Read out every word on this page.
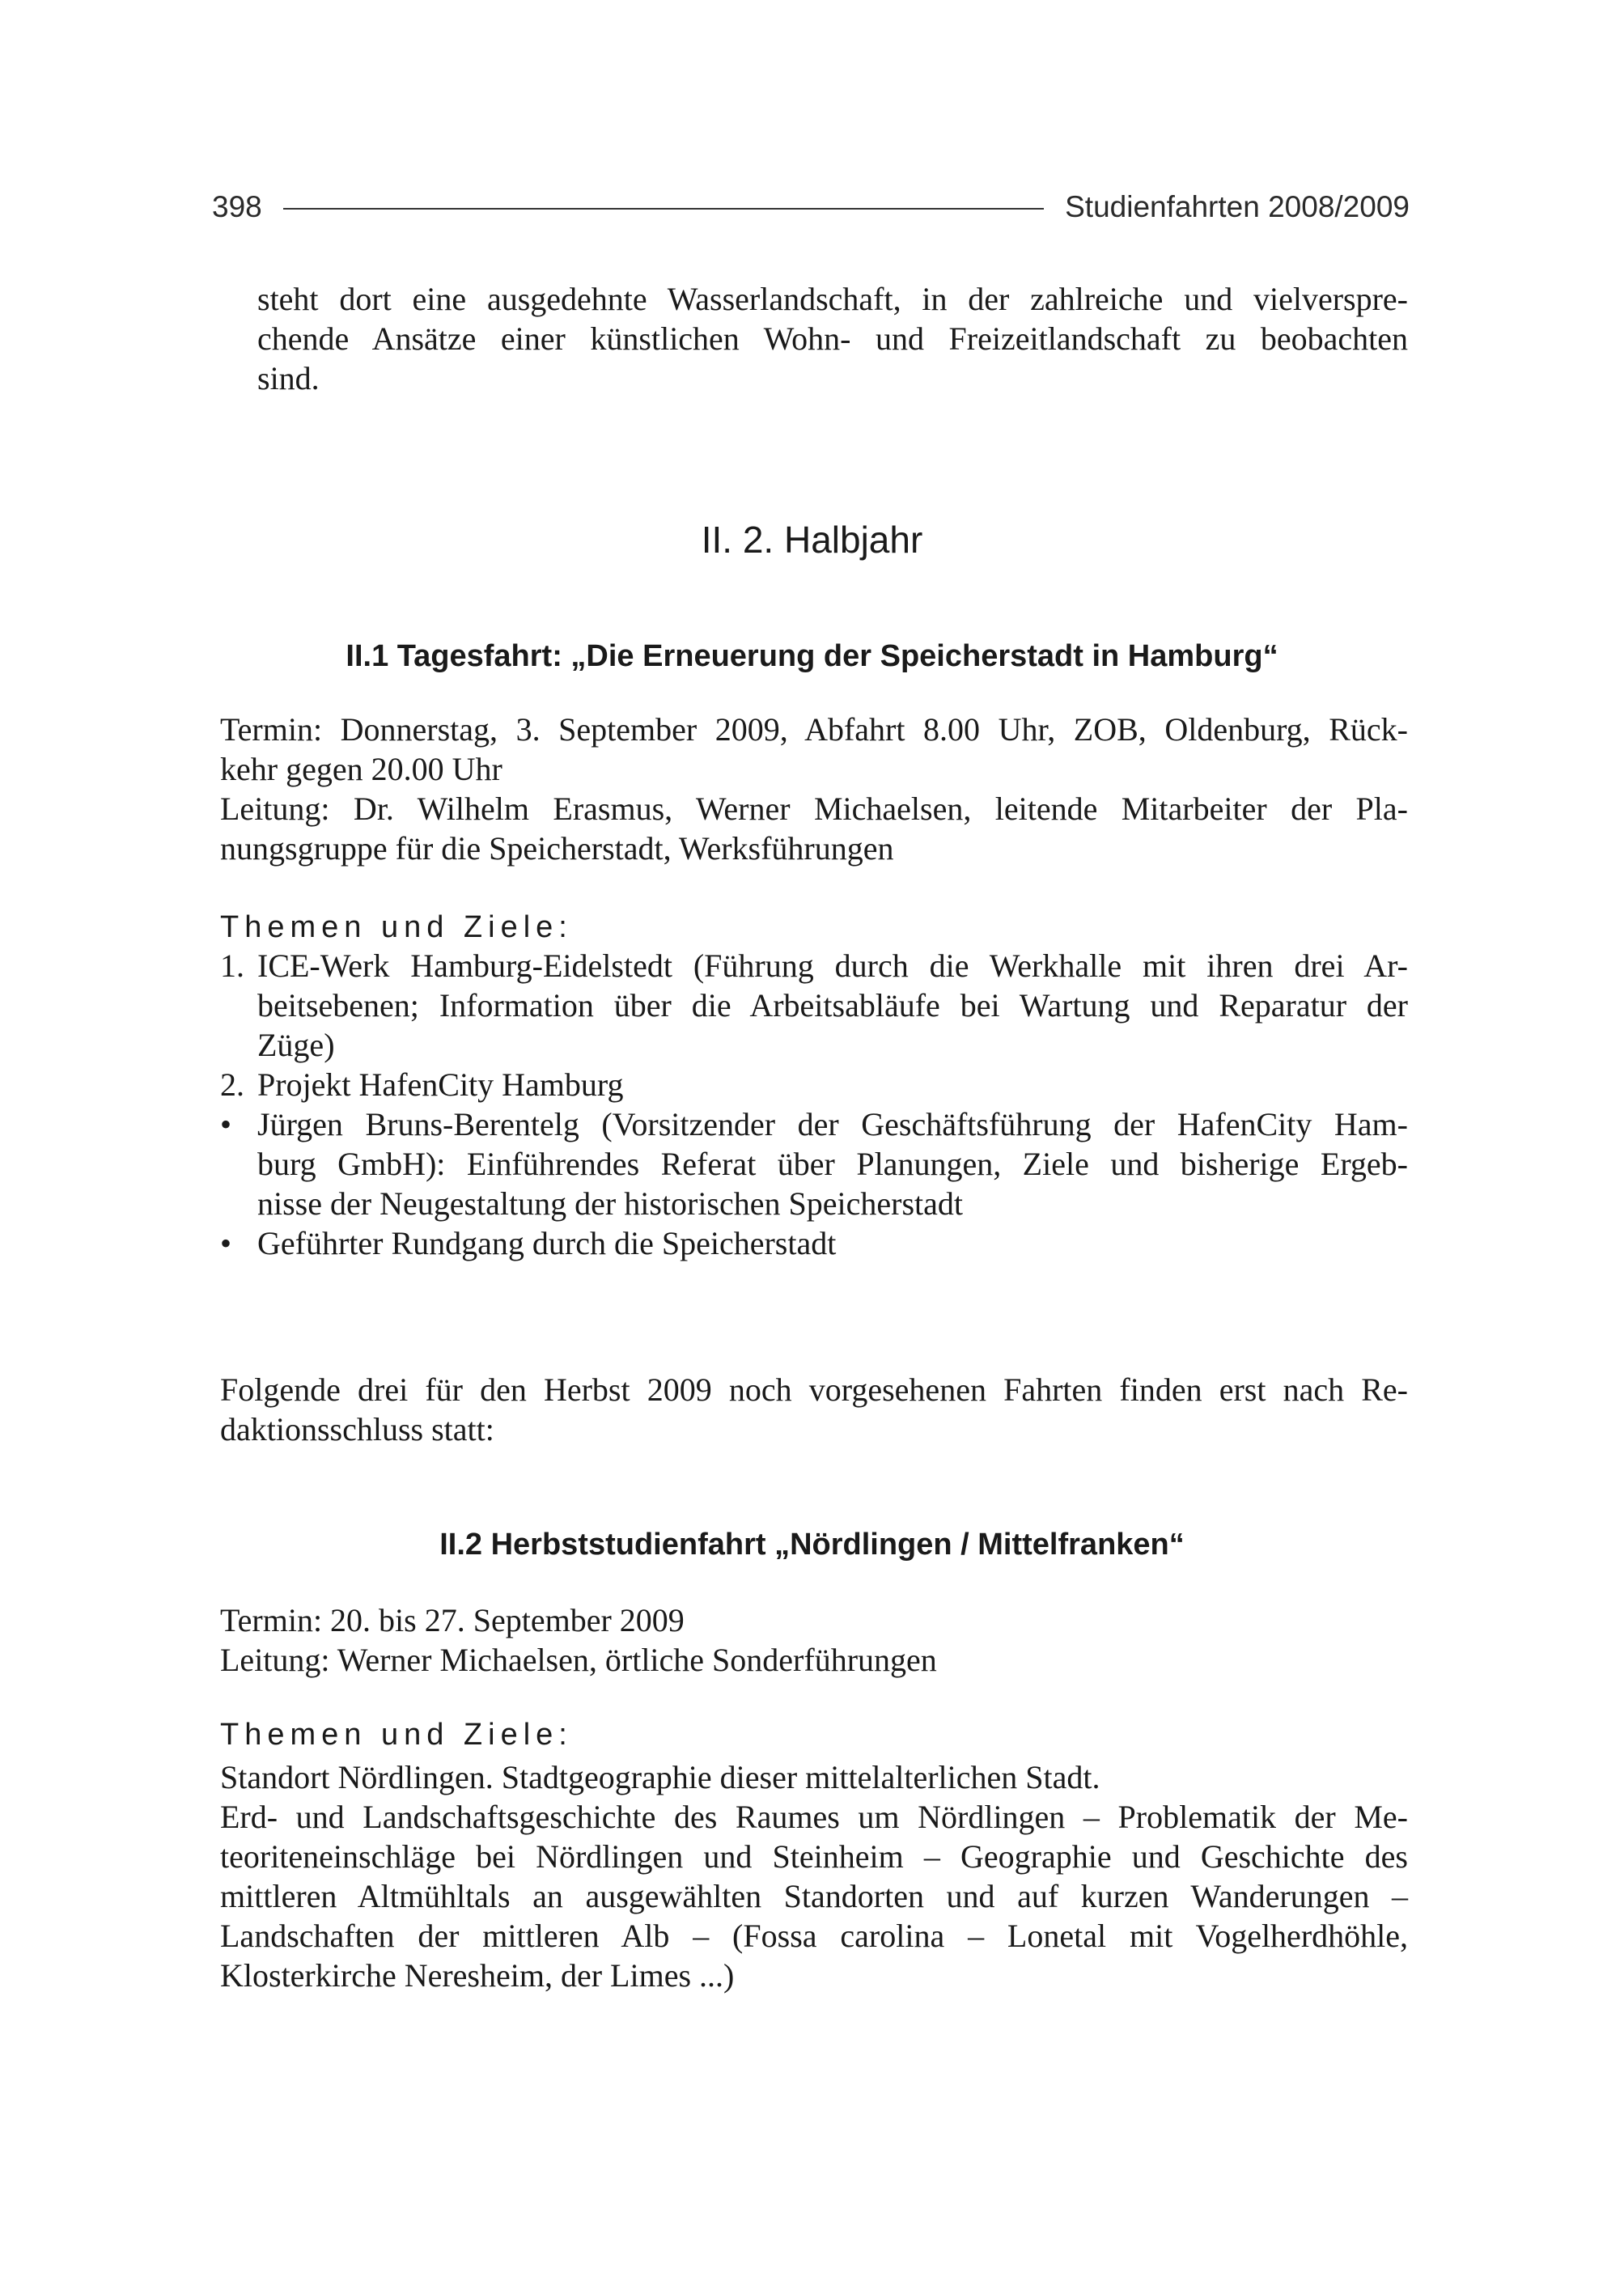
398	Studienfahrten 2008/2009
steht dort eine ausgedehnte Wasserlandschaft, in der zahlreiche und vielverspre-
chende Ansätze einer künstlichen Wohn- und Freizeitlandschaft zu beobachten
sind.
II. 2. Halbjahr
II.1 Tagesfahrt: „Die Erneuerung der Speicherstadt in Hamburg“
Termin: Donnerstag, 3. September 2009, Abfahrt 8.00 Uhr, ZOB, Oldenburg, Rück-
kehr gegen 20.00 Uhr
Leitung: Dr. Wilhelm Erasmus, Werner Michaelsen, leitende Mitarbeiter der Pla-
nungsgruppe für die Speicherstadt, Werksführungen
Themen und Ziele:
1. ICE-Werk Hamburg-Eidelstedt (Führung durch die Werkhalle mit ihren drei Ar-
beitsebenen; Information über die Arbeitsabläufe bei Wartung und Reparatur der
Züge)
2. Projekt HafenCity Hamburg
• Jürgen Bruns-Berentelg (Vorsitzender der Geschäftsführung der HafenCity Ham-
burg GmbH): Einführendes Referat über Planungen, Ziele und bisherige Ergeb-
nisse der Neugestaltung der historischen Speicherstadt
• Geführter Rundgang durch die Speicherstadt
Folgende drei für den Herbst 2009 noch vorgesehenen Fahrten finden erst nach Re-
daktionsschluss statt:
II.2 Herbststudienfahrt „Nördlingen / Mittelfranken“
Termin: 20. bis 27. September 2009
Leitung: Werner Michaelsen, örtliche Sonderführungen
Themen und Ziele:
Standort Nördlingen. Stadtgeographie dieser mittelalterlichen Stadt.
Erd- und Landschaftsgeschichte des Raumes um Nördlingen – Problematik der Me-
teoriteneinschläge bei Nördlingen und Steinheim – Geographie und Geschichte des
mittleren Altmühltals an ausgewählten Standorten und auf kurzen Wanderungen –
Landschaften der mittleren Alb – (Fossa carolina – Lonetal mit Vogelherdhöhle,
Klosterkirche Neresheim, der Limes ...)
